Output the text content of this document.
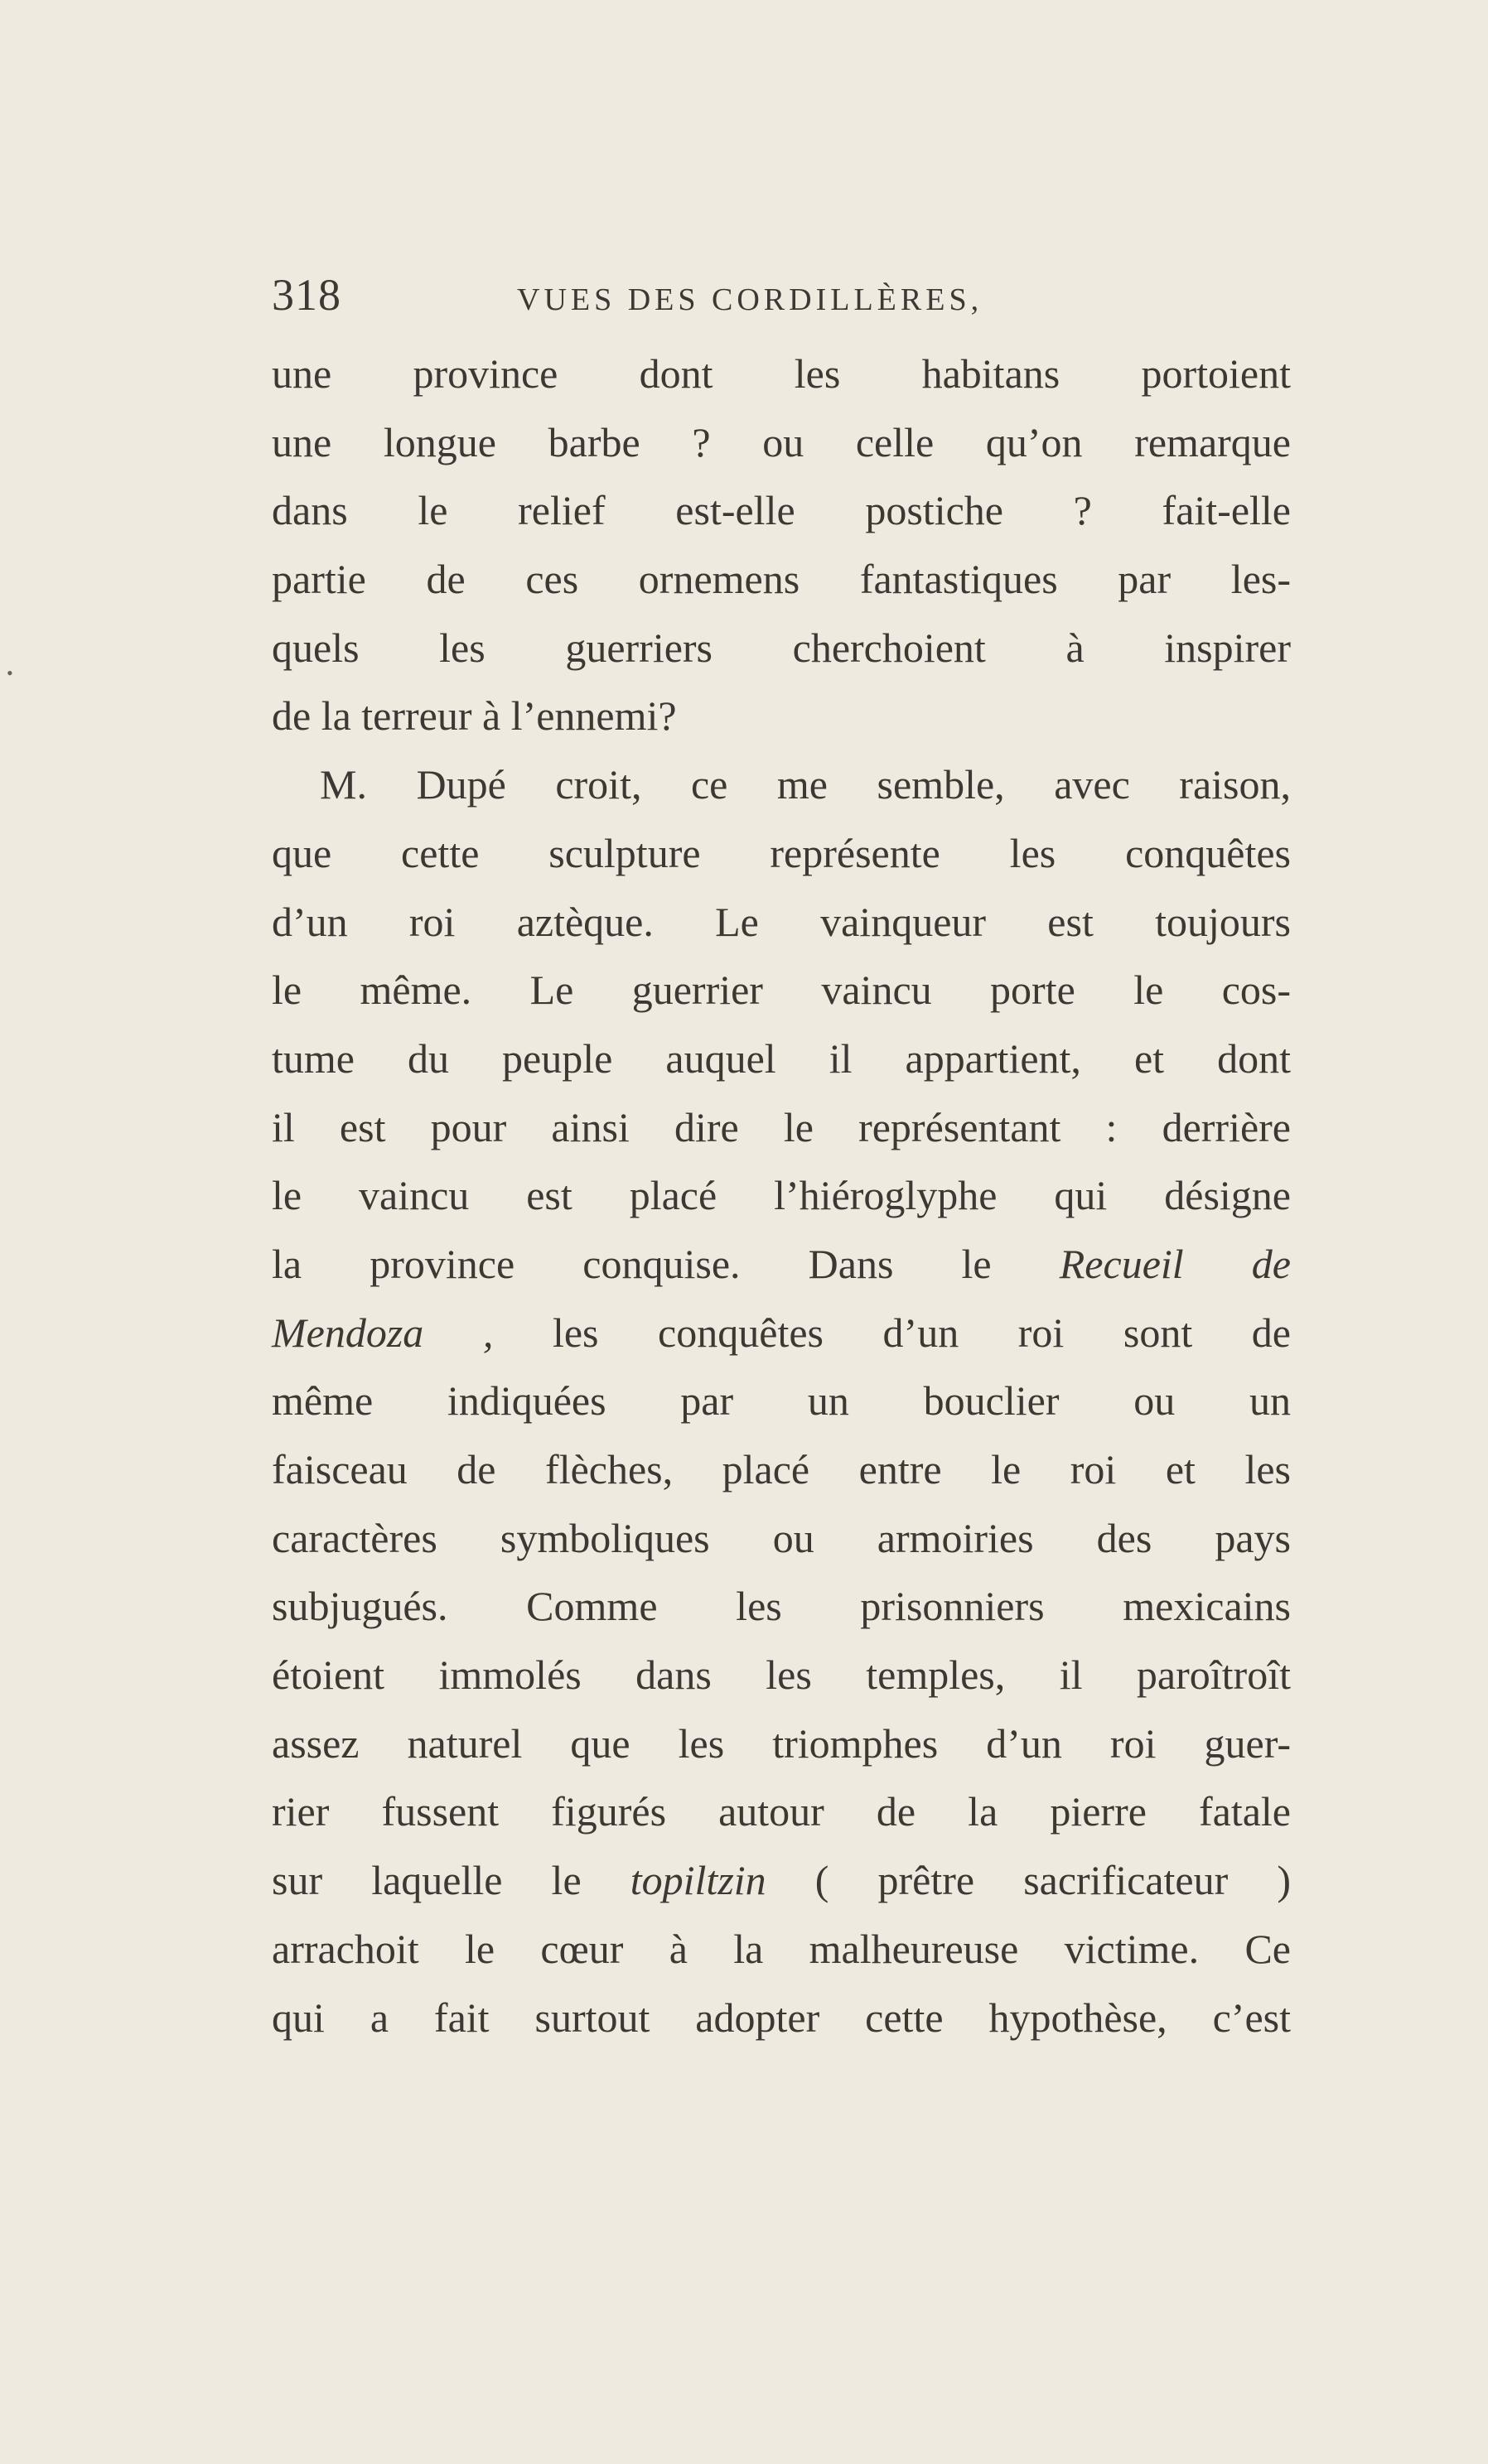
•
318	VUES DES CORDILLÈRES,
une province dont les habitans portoient
une longue barbe ? ou celle qu’on remarque
dans le relief est-elle postiche ? fait-elle
partie de ces ornemens fantastiques par les-
quels les guerriers cherchoient à inspirer
de la terreur à l’ennemi?
M. Dupé croit, ce me semble, avec raison,
que cette sculpture représente les conquêtes
d’un roi aztèque. Le vainqueur est toujours
le même. Le guerrier vaincu porte le cos-
tume du peuple auquel il appartient, et dont
il est pour ainsi dire le représentant : derrière
le vaincu est placé l’hiéroglyphe qui désigne
la province conquise. Dans le Recueil de
Mendoza , les conquêtes d’un roi sont de
même indiquées par un bouclier ou un
faisceau de flèches, placé entre le roi et les
caractères symboliques ou armoiries des pays
subjugués. Comme les prisonniers mexicains
étoient immolés dans les temples, il paroîtroît
assez naturel que les triomphes d’un roi guer-
rier fussent figurés autour de la pierre fatale
sur laquelle le topiltzin ( prêtre sacrificateur )
arrachoit le cœur à la malheureuse victime. Ce
qui a fait surtout adopter cette hypothèse, c’est
